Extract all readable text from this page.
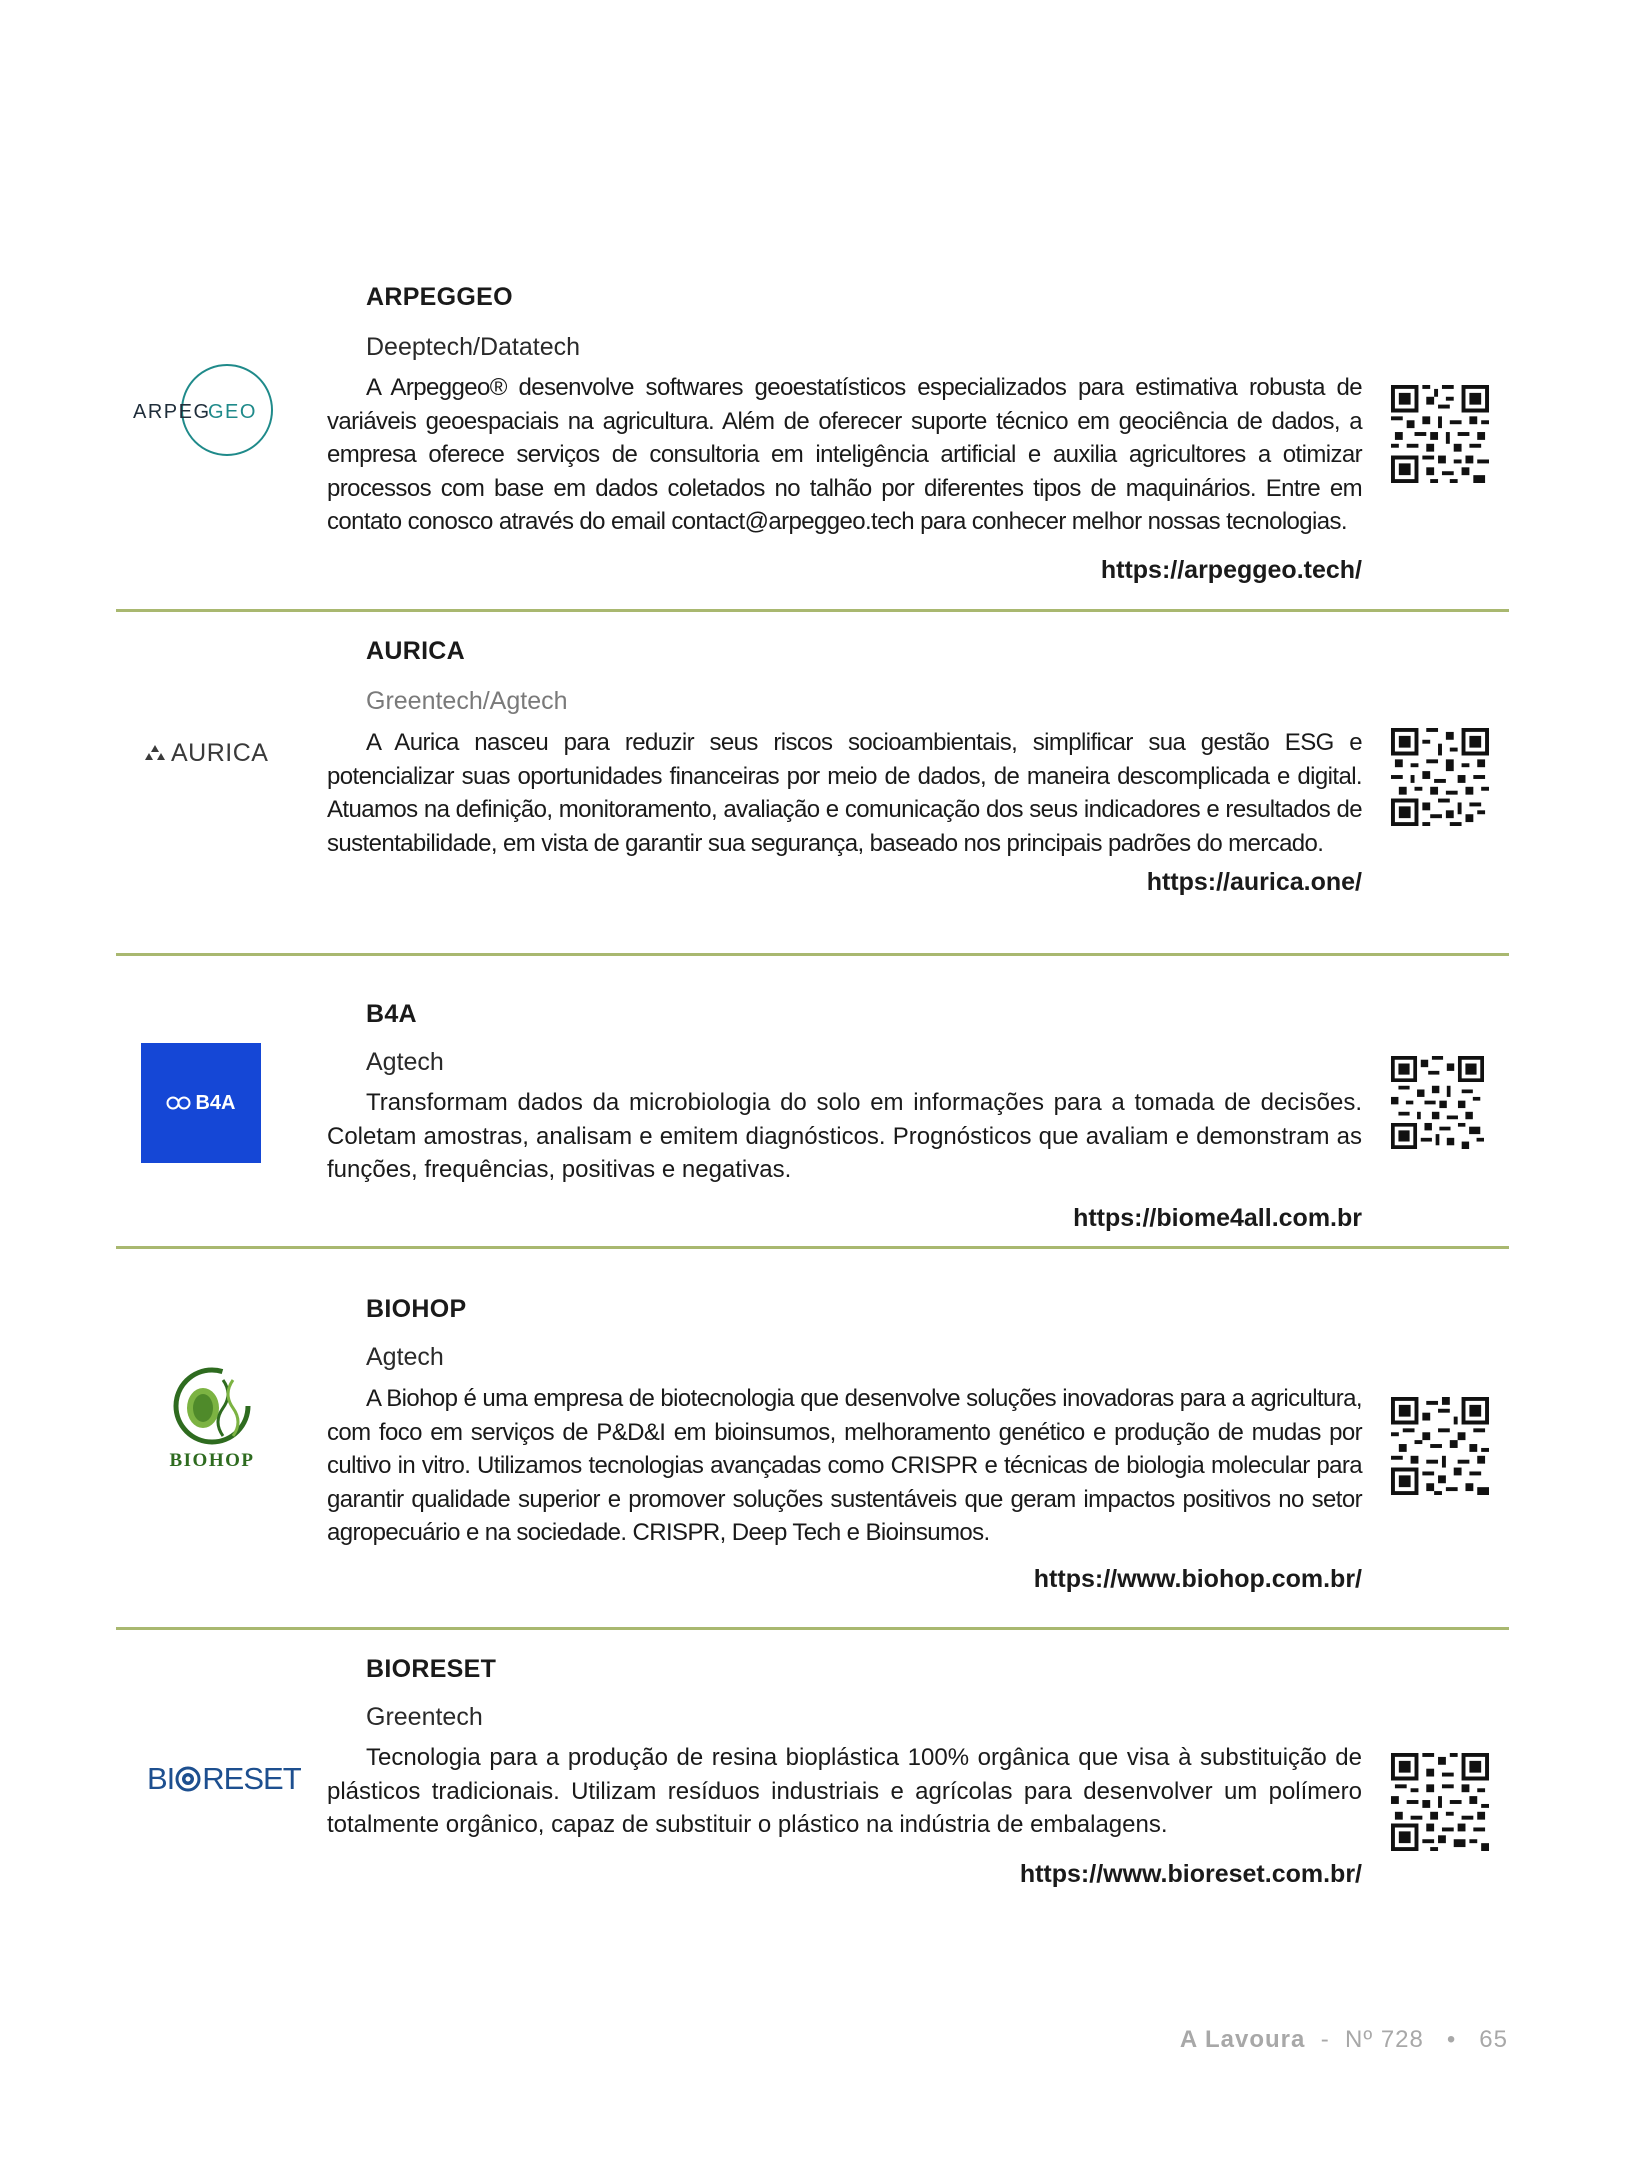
ARPEG
GEO
ARPEGGEO

Deeptech/Datatech

A Arpeggeo® desenvolve softwares geoestatísticos especializados para estimativa robusta de variáveis geoespaciais na agricultura. Além de oferecer suporte técnico em geociência de dados, a empresa oferece serviços de consultoria em inteligência artificial e auxilia agricultores a otimizar processos com base em dados coletados no talhão por diferentes tipos de maquinários. Entre em contato conosco através do email contact@arpeggeo.tech para conhecer melhor nossas tecnologias.

https://arpeggeo.tech/

AURICA
AURICA

Greentech/Agtech

A Aurica nasceu para reduzir seus riscos socioambientais, simplificar sua gestão ESG e potencializar suas oportunidades financeiras por meio de dados, de maneira descomplicada e digital. Atuamos na definição, monitoramento, avaliação e comunicação dos seus indicadores e resultados de sustentabilidade, em vista de garantir sua segurança, baseado nos principais padrões do mercado.

https://aurica.one/

B4A
B4A

Agtech

Transformam dados da microbiologia do solo em informações para a tomada de decisões. Coletam amostras, analisam e emitem diagnósticos. Prognósticos que avaliam e demonstram as funções, frequências, positivas e negativas.

https://biome4all.com.br

BIOHOP
BIOHOP

Agtech

A Biohop é uma empresa de biotecnologia que desenvolve soluções inovadoras para a agricultura, com foco em serviços de P&D&I em bioinsumos, melhoramento genético e produção de mudas por cultivo in vitro. Utilizamos tecnologias avançadas como CRISPR e técnicas de biologia molecular para garantir qualidade superior e promover soluções sustentáveis que geram impactos positivos no setor agropecuário e na sociedade. CRISPR, Deep Tech e Bioinsumos.

https://www.biohop.com.br/

BI RESET
BIORESET

Greentech

Tecnologia para a produção de resina bioplástica 100% orgânica que visa à substituição de plásticos tradicionais. Utilizam resíduos industriais e agrícolas para desenvolver um polímero totalmente orgânico, capaz de substituir o plástico na indústria de embalagens.

https://www.bioreset.com.br/

A Lavoura - Nº 728 • 65
